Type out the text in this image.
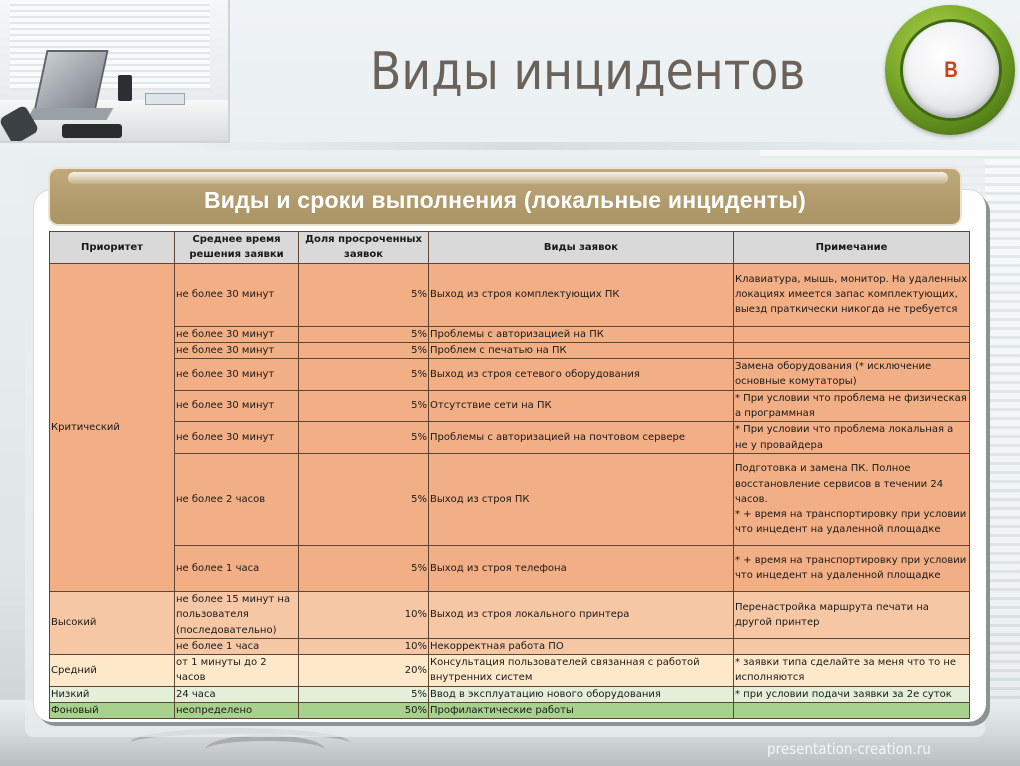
Виды инцидентов	В
Виды и сроки выполнения (локальные инциденты)
Приоритет	Среднее время решения заявки	Доля просроченных заявок	Виды заявок	Примечание
Критический	не более 30 минут	5%	Выход из строя комплектующих ПК	Клавиатура, мышь, монитор. На удаленных локациях имеется запас комплектующих, выезд праткически никогда не требуется
	не более 30 минут	5%	Проблемы с авторизацией на ПК	
	не более 30 минут	5%	Проблем с печатью на ПК	
	не более 30 минут	5%	Выход из строя сетевого оборудования	Замена оборудования (* исключение основные комутаторы)
	не более 30 минут	5%	Отсутствие сети на ПК	* При условии что проблема не физическая а программная
	не более 30 минут	5%	Проблемы с авторизацией на почтовом сервере	* При условии что проблема локальная а не у провайдера
	не более 2 часов	5%	Выход из строя ПК	Подготовка и замена ПК. Полное восстановление сервисов в течении 24 часов.
* + время на транспортировку при условии что инцедент на удаленной площадке

	не более 1 часа	5%	Выход из строя телефона	* + время на транспортировку при условии что инцедент на удаленной площадке
Высокий	не более 15 минут на пользователя (последовательно)	10%	Выход из строя локального принтера	Перенастройка маршрута печати на другой принтер
	не более 1 часа	10%	Некорректная работа ПО	
Средний	от 1 минуты до 2 часов	20%	Консультация пользователей связанная с работой внутренних систем	* заявки типа сделайте за меня что то не исполняются
Низкий	24 часа	5%	Ввод в эксплуатацию нового оборудования	* при условии подачи заявки за 2е суток
Фоновый	неопределено	50%	Профилактические работы	
presentation-creation.ru
